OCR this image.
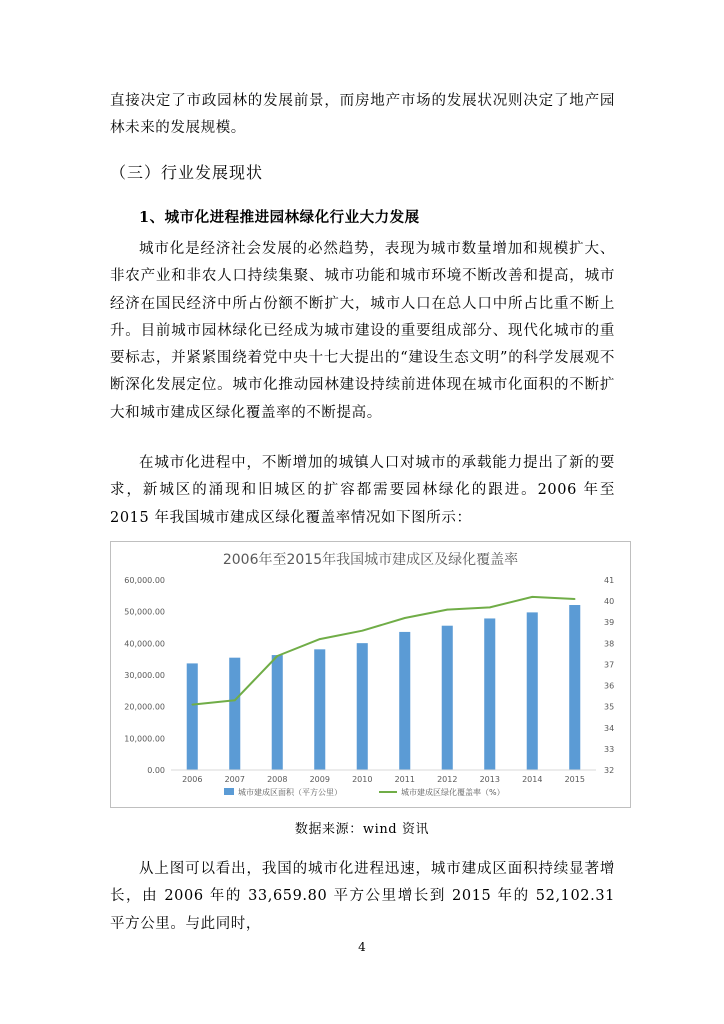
直接决定了市政园林的发展前景，而房地产市场的发展状况则决定了地产园林未来的发展规模。

（三）行业发展现状

1、城市化进程推进园林绿化行业大力发展

城市化是经济社会发展的必然趋势，表现为城市数量增加和规模扩大、非农产业和非农人口持续集聚、城市功能和城市环境不断改善和提高，城市经济在国民经济中所占份额不断扩大，城市人口在总人口中所占比重不断上升。目前城市园林绿化已经成为城市建设的重要组成部分、现代化城市的重要标志，并紧紧围绕着党中央十七大提出的“建设生态文明”的科学发展观不断深化发展定位。城市化推动园林建设持续前进体现在城市化面积的不断扩大和城市建成区绿化覆盖率的不断提高。

在城市化进程中，不断增加的城镇人口对城市的承载能力提出了新的要求，新城区的涌现和旧城区的扩容都需要园林绿化的跟进。2006 年至 2015 年我国城市建成区绿化覆盖率情况如下图所示：

2006年至2015年我国城市建成区及绿化覆盖率
0.00
10,000.00
20,000.00
30,000.00
40,000.00
50,000.00
60,000.00
32
33
34
35
36
37
38
39
40
41
2006	2007	2008	2009	2010	2011	2012	2013	2014	2015
城市建成区面积（平方公里）	城市建成区绿化覆盖率（%）

数据来源：wind 资讯

从上图可以看出，我国的城市化进程迅速，城市建成区面积持续显著增长，由 2006 年的 33,659.80 平方公里增长到 2015 年的 52,102.31 平方公里。与此同时，

4
